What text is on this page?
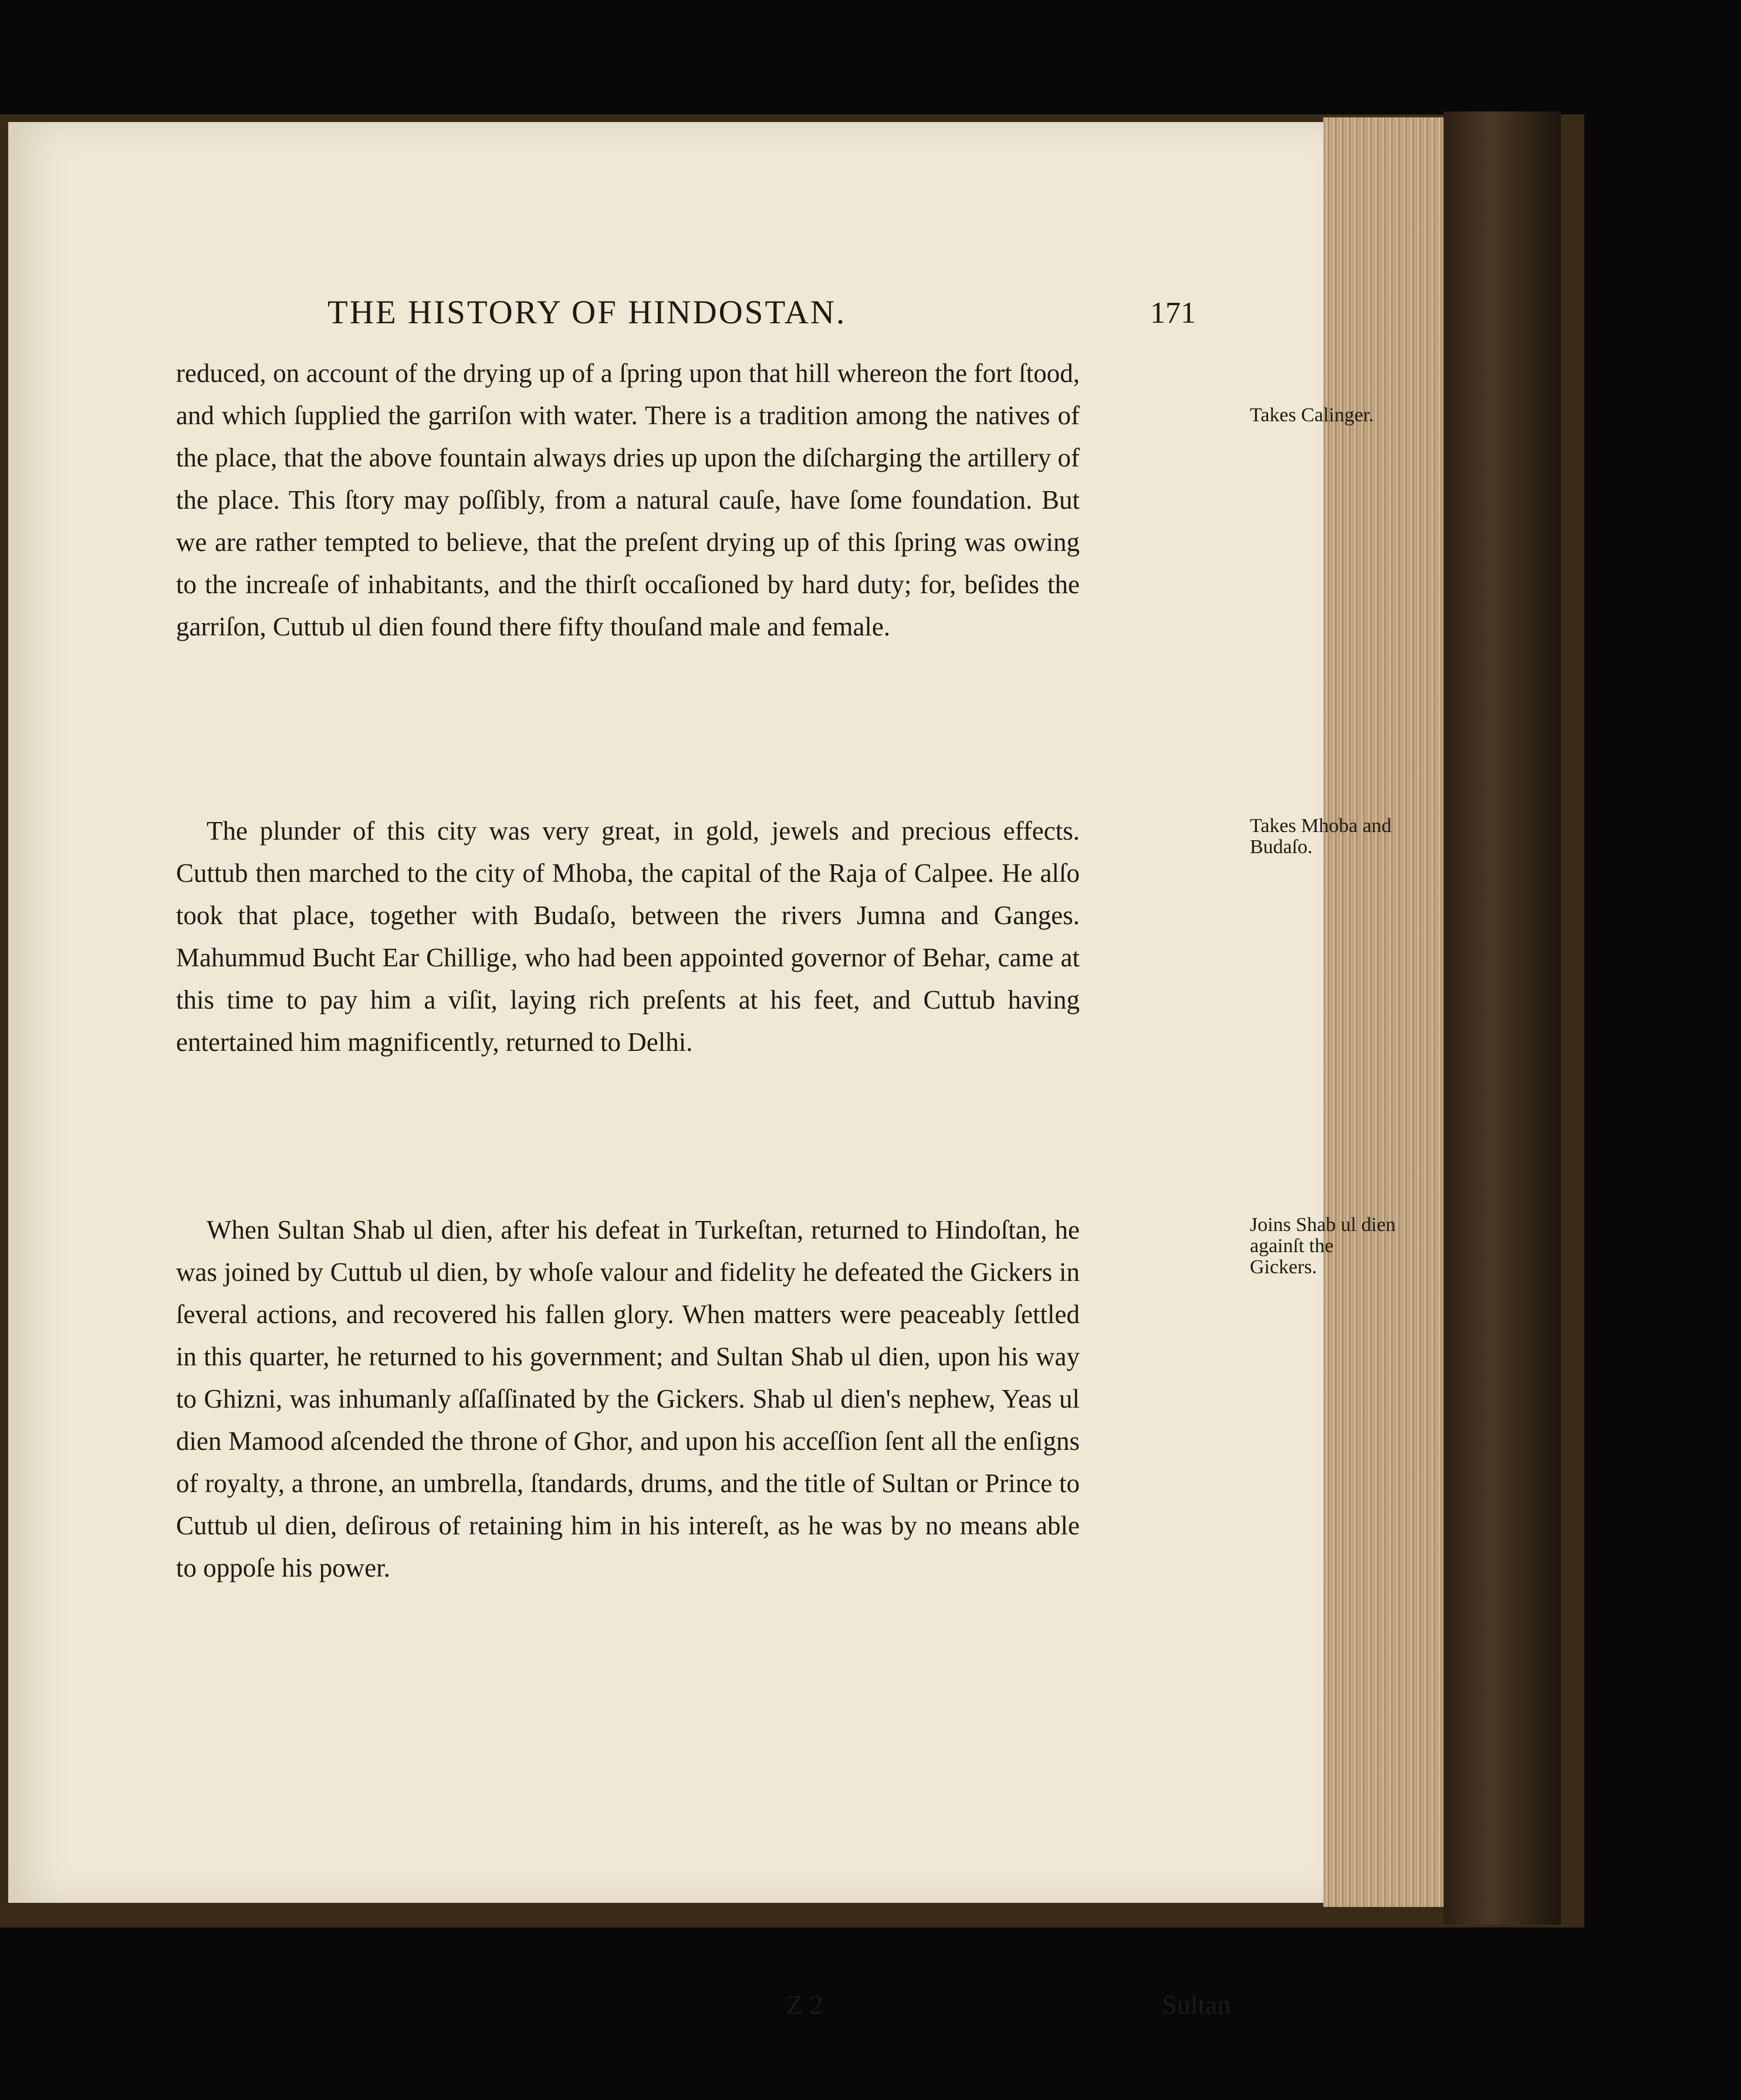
THE HISTORY OF HINDOSTAN.	171

reduced, on account of the drying up of a ſpring upon that hill whereon the fort ſtood, and which ſupplied the garriſon with water. There is a tradition among the natives of the place, that the above fountain always dries up upon the diſcharging the artillery of the place. This ſtory may poſſibly, from a natural cauſe, have ſome foundation. But we are rather tempted to believe, that the preſent drying up of this ſpring was owing to the increaſe of inhabitants, and the thirſt occaſioned by hard duty; for, beſides the garriſon, Cuttub ul dien found there fifty thouſand male and female.

The plunder of this city was very great, in gold, jewels and precious effects. Cuttub then marched to the city of Mhoba, the capital of the Raja of Calpee. He alſo took that place, together with Budaſo, between the rivers Jumna and Ganges. Mahummud Bucht Ear Chillige, who had been appointed governor of Behar, came at this time to pay him a viſit, laying rich preſents at his feet, and Cuttub having entertained him magnificently, returned to Delhi.

When Sultan Shab ul dien, after his defeat in Turkeſtan, returned to Hindoſtan, he was joined by Cuttub ul dien, by whoſe valour and fidelity he defeated the Gickers in ſeveral actions, and recovered his fallen glory. When matters were peaceably ſettled in this quarter, he returned to his government; and Sultan Shab ul dien, upon his way to Ghizni, was inhumanly aſſaſſinated by the Gickers. Shab ul dien's nephew, Yeas ul dien Mamood aſcended the throne of Ghor, and upon his acceſſion ſent all the enſigns of royalty, a throne, an umbrella, ſtandards, drums, and the title of Sultan or Prince to Cuttub ul dien, deſirous of retaining him in his intereſt, as he was by no means able to oppoſe his power.

Takes Calinger.
Takes Mhoba and Budaſo.
Joins Shab ul dien againſt the Gickers.
Z 2	Sultan
